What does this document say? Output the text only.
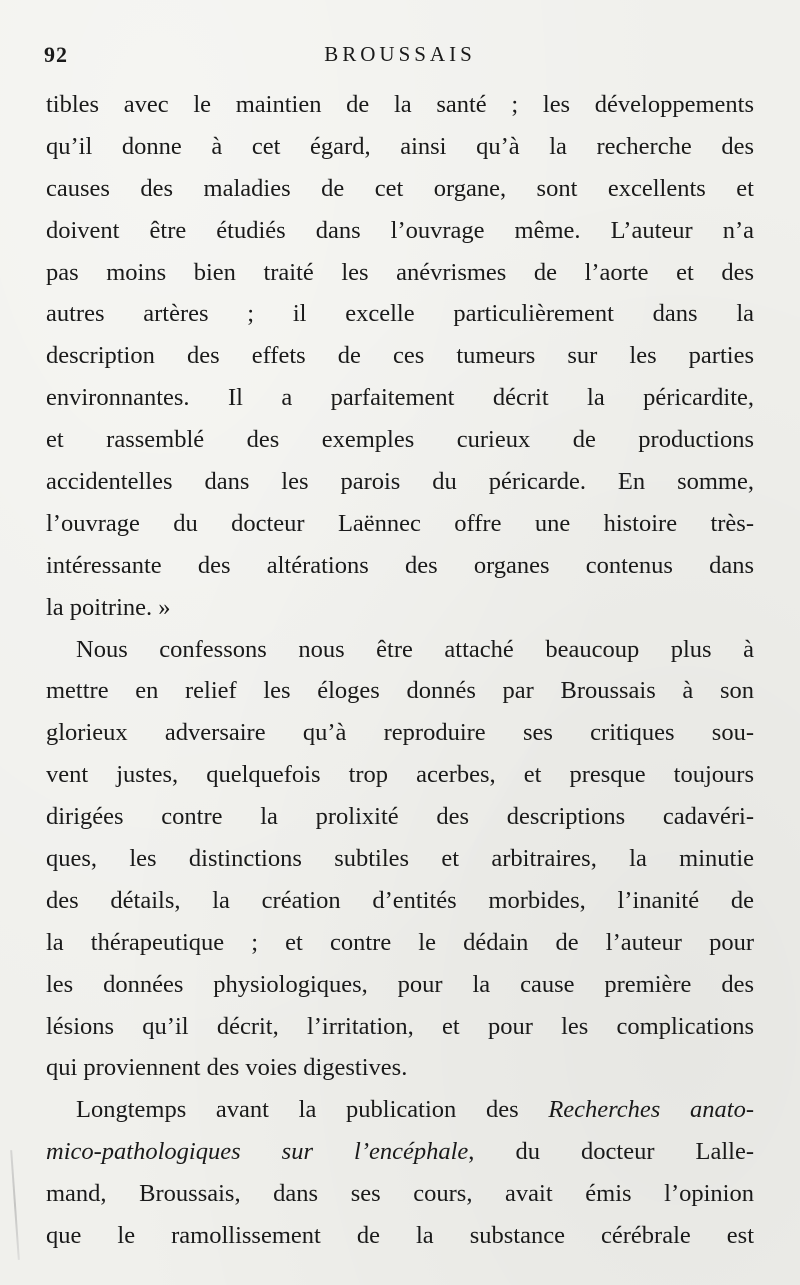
92	BROUSSAIS
tibles avec le maintien de la santé ; les développements
qu’il donne à cet égard, ainsi qu’à la recherche des
causes des maladies de cet organe, sont excellents et
doivent être étudiés dans l’ouvrage même. L’auteur n’a
pas moins bien traité les anévrismes de l’aorte et des
autres artères ; il excelle particulièrement dans la
description des effets de ces tumeurs sur les parties
environnantes. Il a parfaitement décrit la péricardite,
et rassemblé des exemples curieux de productions
accidentelles dans les parois du péricarde. En somme,
l’ouvrage du docteur Laënnec offre une histoire très-
intéressante des altérations des organes contenus dans
la poitrine. »
Nous confessons nous être attaché beaucoup plus à
mettre en relief les éloges donnés par Broussais à son
glorieux adversaire qu’à reproduire ses critiques sou-
vent justes, quelquefois trop acerbes, et presque toujours
dirigées contre la prolixité des descriptions cadavéri-
ques, les distinctions subtiles et arbitraires, la minutie
des détails, la création d’entités morbides, l’inanité de
la thérapeutique ; et contre le dédain de l’auteur pour
les données physiologiques, pour la cause première des
lésions qu’il décrit, l’irritation, et pour les complications
qui proviennent des voies digestives.
Longtemps avant la publication des Recherches anato-
mico-pathologiques sur l’encéphale, du docteur Lalle-
mand, Broussais, dans ses cours, avait émis l’opinion
que le ramollissement de la substance cérébrale est
